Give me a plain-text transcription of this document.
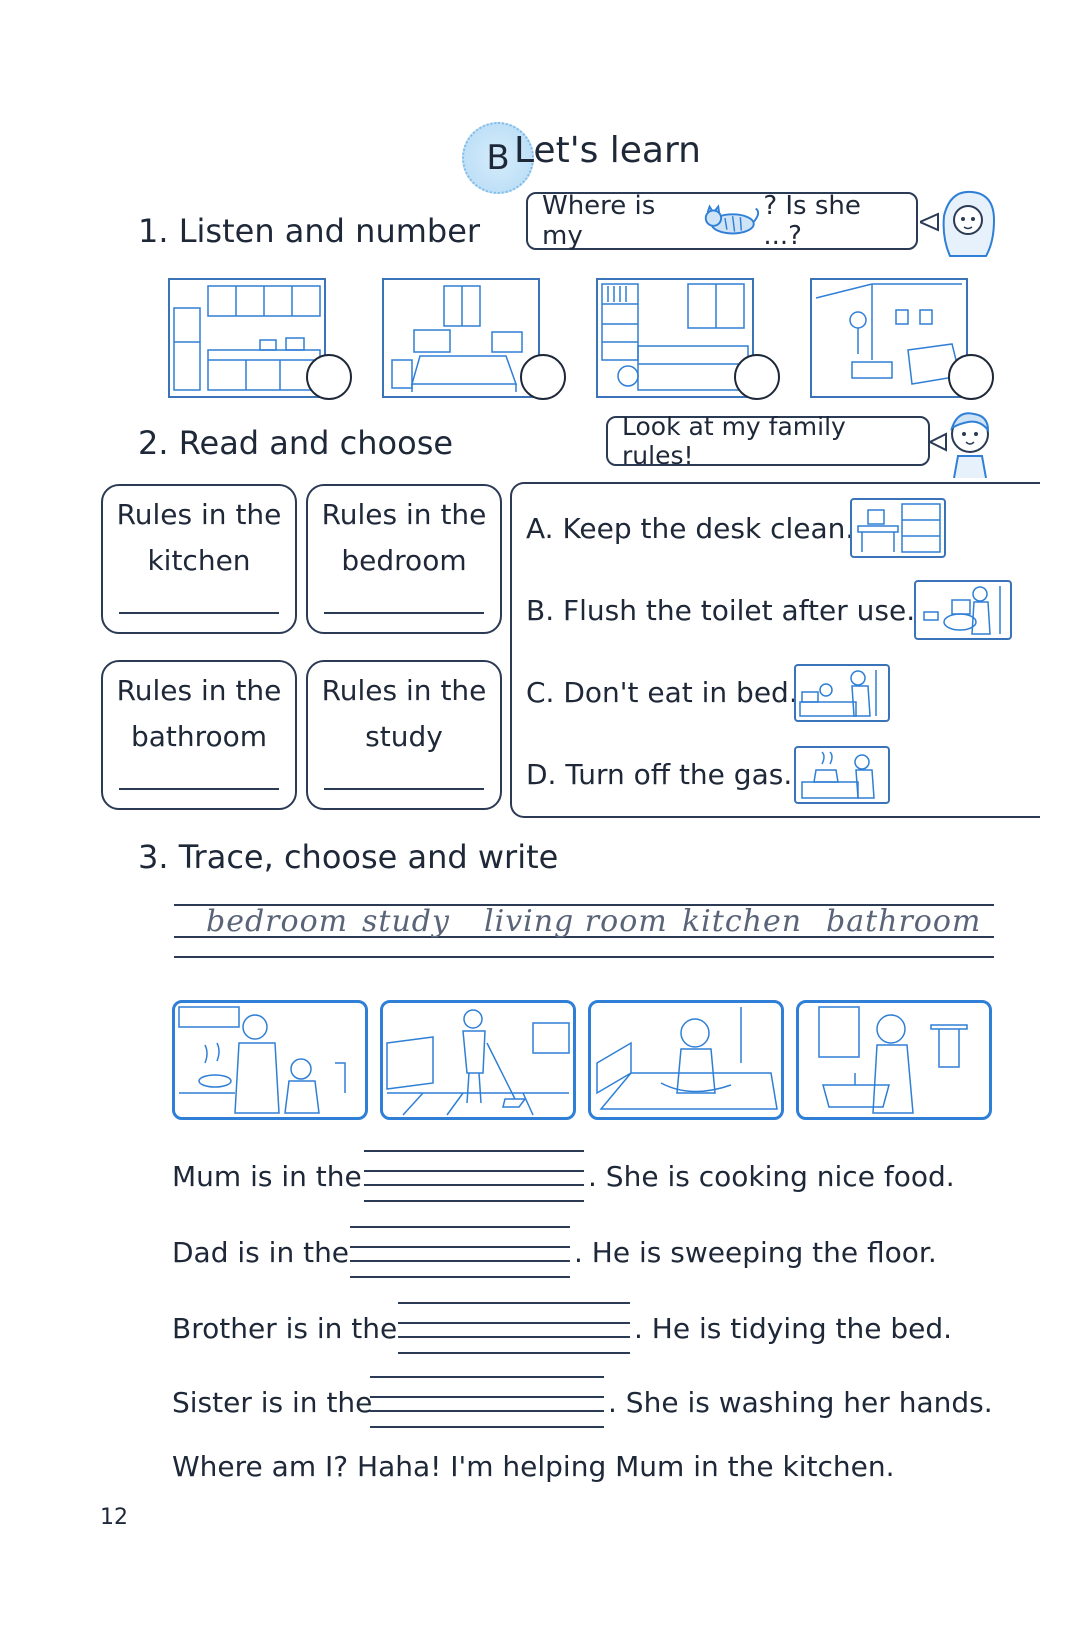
B Let's learn
1. Listen and number
Where is my
? Is she ...?
2. Read and choose	Look at my family rules!
Rules in the
kitchen
Rules in the
bedroom
Rules in the
bathroom
Rules in the
study
A. Keep the desk clean.
B. Flush the toilet after use.
C. Don't eat in bed.
D. Turn off the gas.
3. Trace, choose and write
bedroom study living room kitchen bathroom
Mum is in the	. She is cooking nice food.
Dad is in the	. He is sweeping the floor.
Brother is in the	. He is tidying the bed.
Sister is in the	. She is washing her hands.
Where am I? Haha! I'm helping Mum in the kitchen.
12
